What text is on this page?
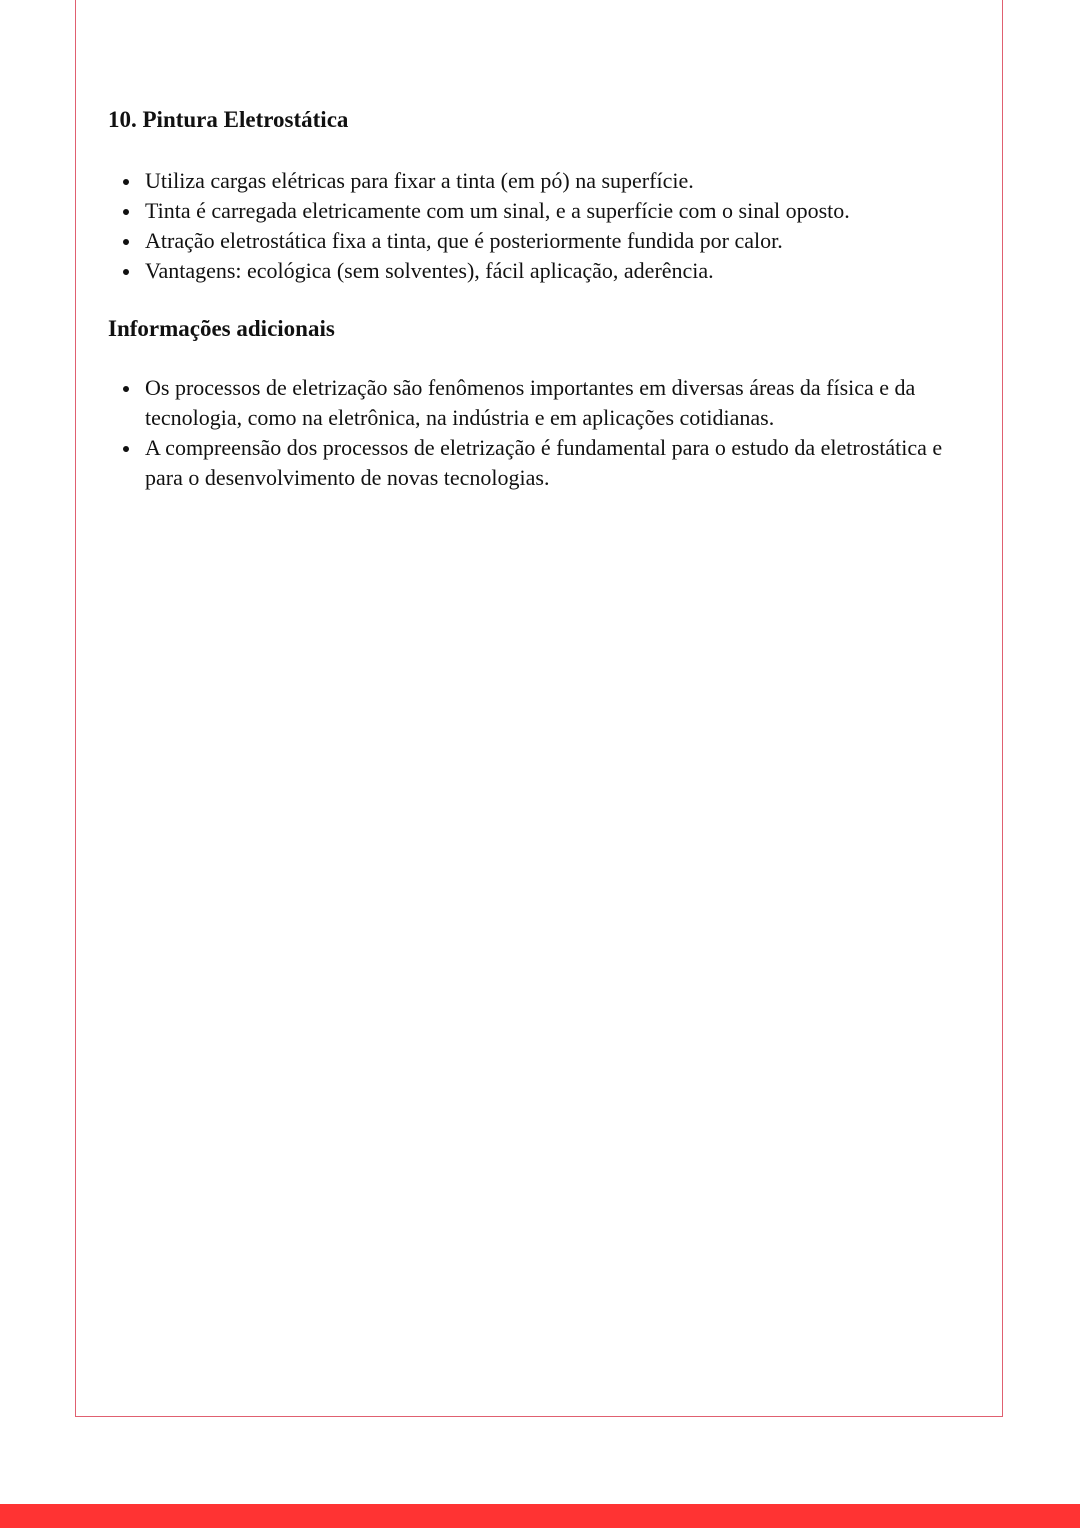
10. Pintura Eletrostática
Utiliza cargas elétricas para fixar a tinta (em pó) na superfície.
Tinta é carregada eletricamente com um sinal, e a superfície com o sinal oposto.
Atração eletrostática fixa a tinta, que é posteriormente fundida por calor.
Vantagens: ecológica (sem solventes), fácil aplicação, aderência.
Informações adicionais
Os processos de eletrização são fenômenos importantes em diversas áreas da física e da tecnologia, como na eletrônica, na indústria e em aplicações cotidianas.
A compreensão dos processos de eletrização é fundamental para o estudo da eletrostática e para o desenvolvimento de novas tecnologias.
